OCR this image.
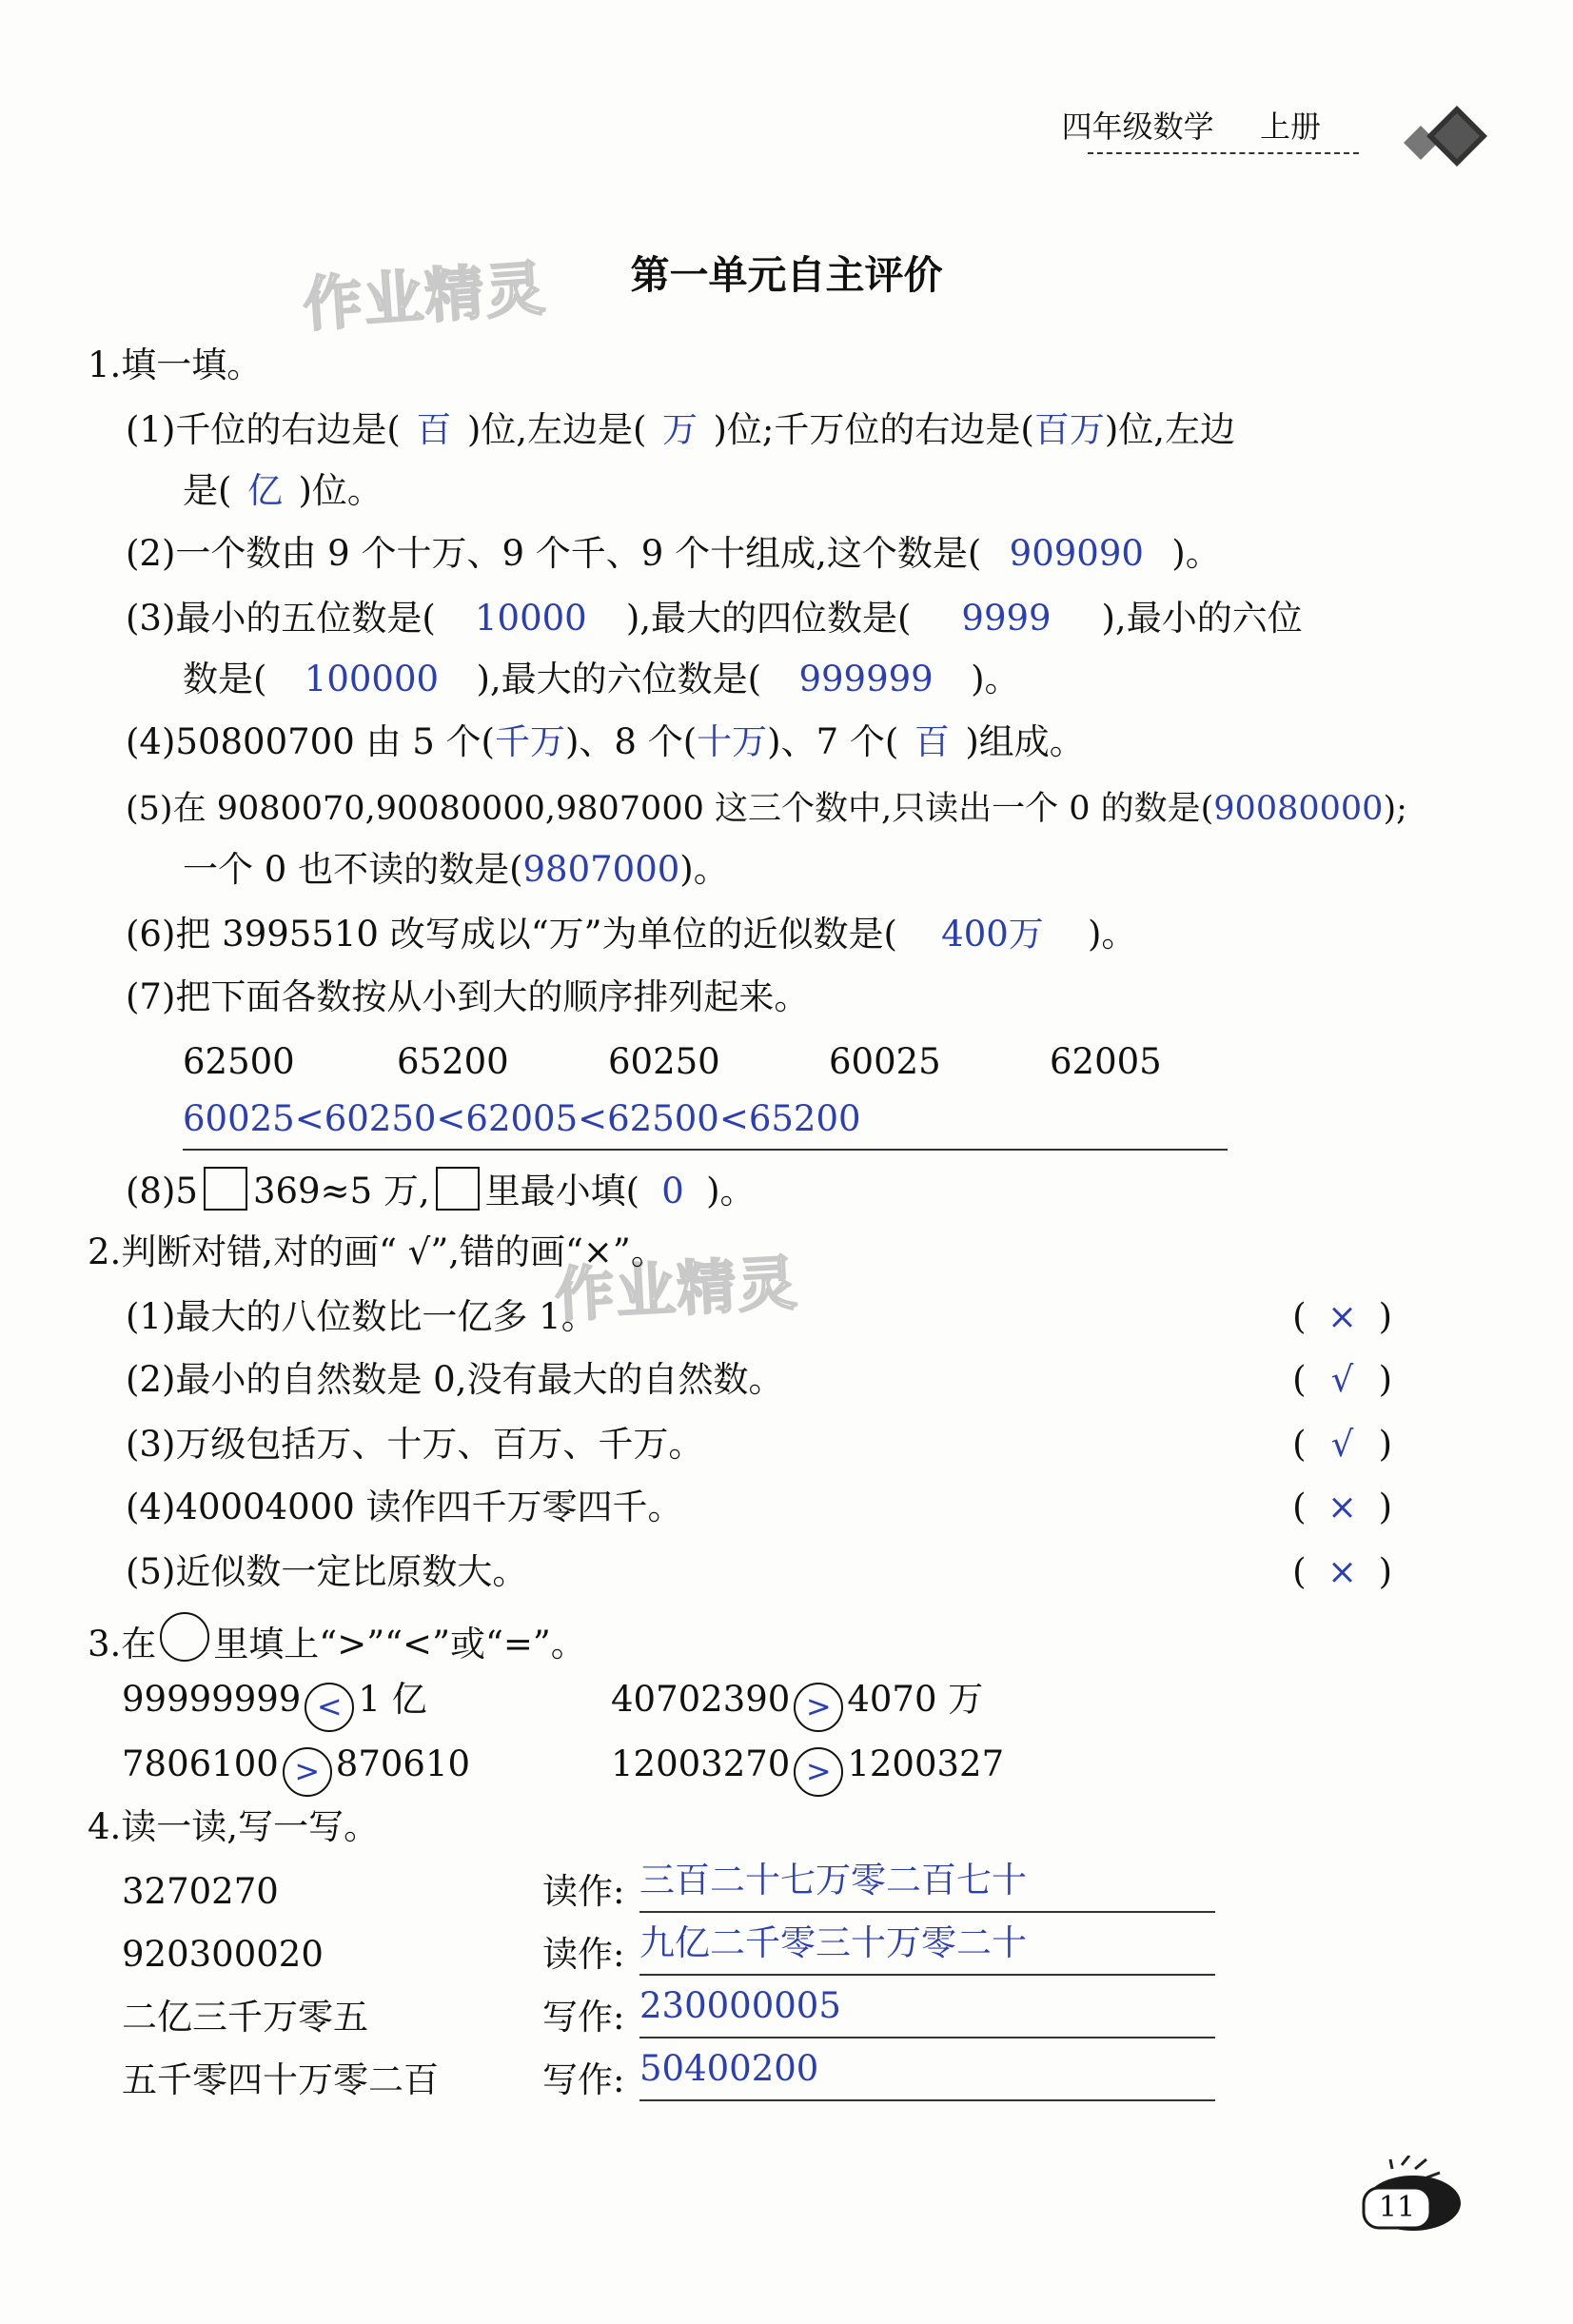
四年级数学 上册
作业精灵
作业精灵
第一单元自主评价
1.填一填。
(1)千位的右边是( 百 )位,左边是( 万 )位;千万位的右边是(百万)位,左边
是( 亿 )位。
(2)一个数由 9 个十万、9 个千、9 个十组成,这个数是( 909090 )。
(3)最小的五位数是( 10000 ),最大的四位数是( 9999 ),最小的六位
数是( 100000 ),最大的六位数是( 999999 )。
(4)50800700 由 5 个(千万)、8 个(十万)、7 个( 百 )组成。
(5)在 9080070,90080000,9807000 这三个数中,只读出一个 0 的数是(90080000);
一个 0 也不读的数是(9807000)。
(6)把 3995510 改写成以“万”为单位的近似数是( 400万 )。
(7)把下面各数按从小到大的顺序排列起来。
62500	65200	60250	60025	62005
60025<60250<62005<62500<65200
(8)5 369≈5 万, 里最小填( 0 )。
2.判断对错,对的画“ √”,错的画“×”。
(1)最大的八位数比一亿多 1。	( × )
(2)最小的自然数是 0,没有最大的自然数。	( √ )
(3)万级包括万、十万、百万、千万。	( √ )
(4)40004000 读作四千万零四千。	( × )
(5)近似数一定比原数大。	( × )
3.在 里填上“>”“<”或“=”。
99999999 < 1 亿	40702390 > 4070 万
7806100 > 870610	12003270 > 1200327
4.读一读,写一写。
3270270	读作: 三百二十七万零二百七十
920300020	读作: 九亿二千零三十万零二十
二亿三千万零五	写作: 230000005
五千零四十万零二百	写作: 50400200
11
